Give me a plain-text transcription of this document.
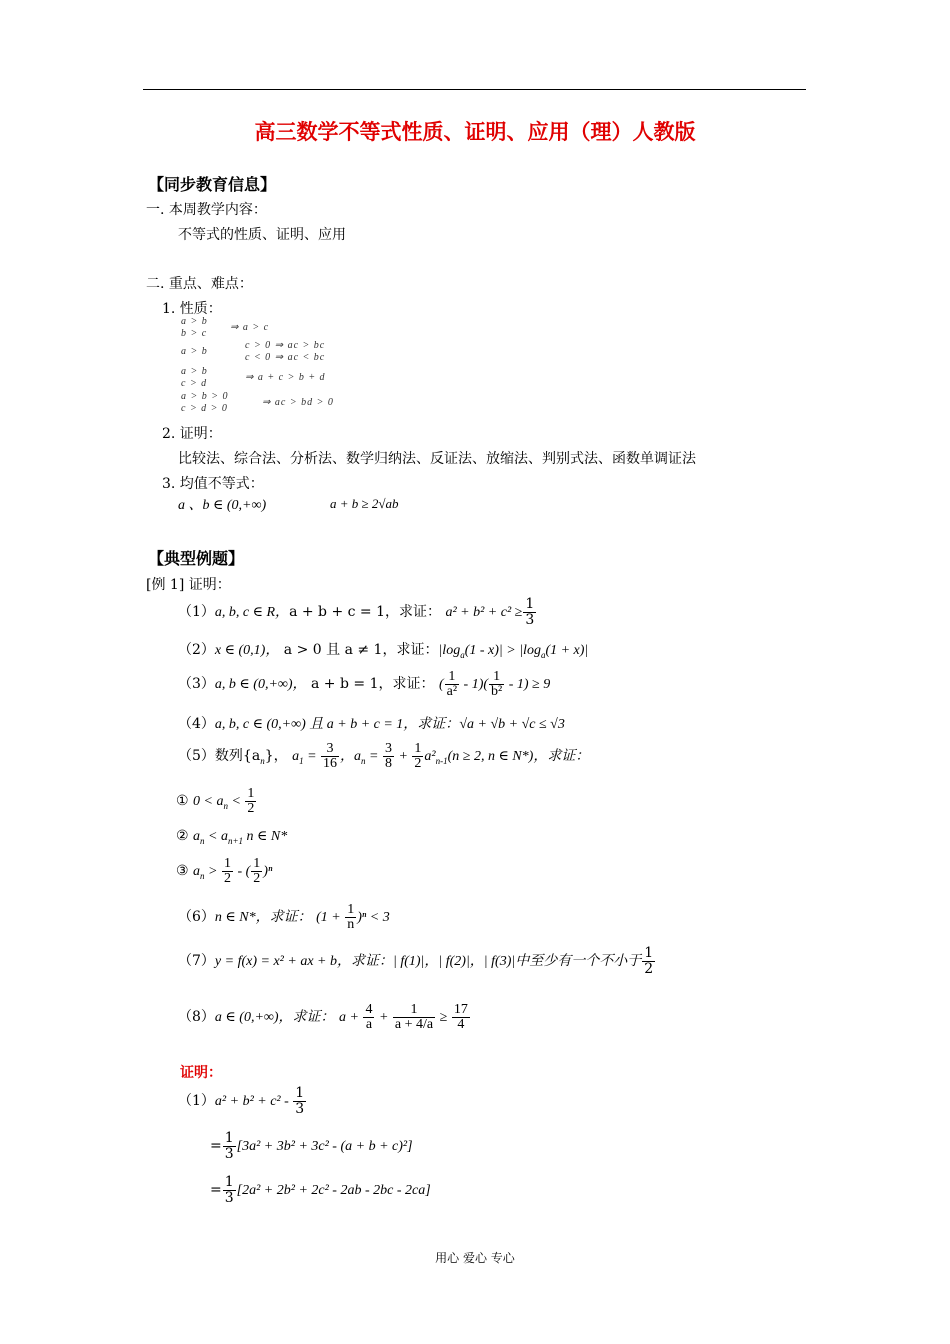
高三数学不等式性质、证明、应用（理）人教版
【同步教育信息】
一. 本周教学内容：
不等式的性质、证明、应用
二. 重点、难点：
1. 性质：
a > b
b > c
⇒ a > c
a > b
c > 0 ⇒ ac > bc
c < 0 ⇒ ac < bc
a > b
c > d
⇒ a + c > b + d
a > b > 0
c > d > 0
⇒ ac > bd > 0
2. 证明：
比较法、综合法、分析法、数学归纳法、反证法、放缩法、判别式法、函数单调证法
3. 均值不等式：
a 、b ∈ (0,+∞)	a + b ≥ 2√ab
【典型例题】
[例 1] 证明：
（1）a, b, c ∈ R，a + b + c = 1，求证： $a^2 + b^2 + c^2 \ge \frac{1}{3}$
（2）x ∈ (0,1)， a > 0 且 a ≠ 1，求证：$|\log_a(1 - x)| > |\log_a(1 + x)|$
（3）a, b ∈ (0,+∞)， a + b = 1，求证： ( $\frac{1}{\text{a²}} - 1)( \frac{1}{\text{b²}} - 1) \ge 9$
（4）a, b, c ∈ (0,+∞) 且 a + b + c = 1，求证：√a + √b + √c ≤ √3
（5）数列$\{a_n\}$， $a_1 = \frac{3}{16}$ ，$a_n = \frac{3}{8} + \frac{1}{2} a^2_{n-1}(n \ge 2$, n ∈ N*)，求证：
① $0 < a_n < \frac{1}{2}$
② $a_n < a_{n+1}$ n ∈ N*
③ $a_n > \frac{1}{2}$ - ( $\frac{1}{2} )^n$
（6）n ∈ N*，求证： $(1 + \frac{1}{n} )^n < 3$
（7）y = f(x) = x² + ax + b，求证：| f(1)|，| f(2)|，| f(3)|中至少有一个不小于 $\frac{1}{2}$
（8）a ∈ (0,+∞)，求证： $a + \frac{4}{a} + \frac{1}{a + 4/a} \ge \frac{17}{4}$
证明：
$(1)a^2 + b^2 + c^2 - \frac{1}{3}$
= $\frac{1}{3} [3a^2 + 3b^2 + 3c^2 - (a + b + c)^2]$
= $\frac{1}{3} [2a^2 + 2b^2 + 2c^2 - 2ab - 2bc - 2ca]$
用心 爱心 专心
